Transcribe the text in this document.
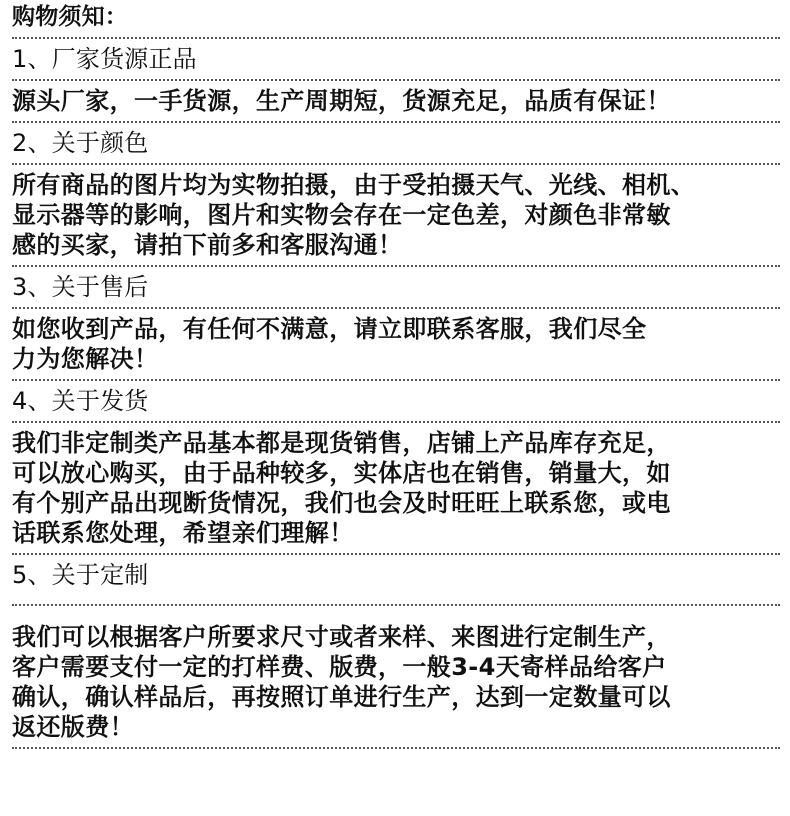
购物须知：
1、厂家货源正品
源头厂家，一手货源，生产周期短，货源充足，品质有保证！
2、关于颜色
所有商品的图片均为实物拍摄，由于受拍摄天气、光线、相机、
显示器等的影响，图片和实物会存在一定色差，对颜色非常敏
感的买家，请拍下前多和客服沟通！
3、关于售后
如您收到产品，有任何不满意，请立即联系客服，我们尽全
力为您解决！
4、关于发货
我们非定制类产品基本都是现货销售，店铺上产品库存充足，
可以放心购买，由于品种较多，实体店也在销售，销量大，如
有个别产品出现断货情况，我们也会及时旺旺上联系您，或电
话联系您处理，希望亲们理解！
5、关于定制
我们可以根据客户所要求尺寸或者来样、来图进行定制生产，
客户需要支付一定的打样费、版费，一般3-4天寄样品给客户
确认，确认样品后，再按照订单进行生产，达到一定数量可以
返还版费！
